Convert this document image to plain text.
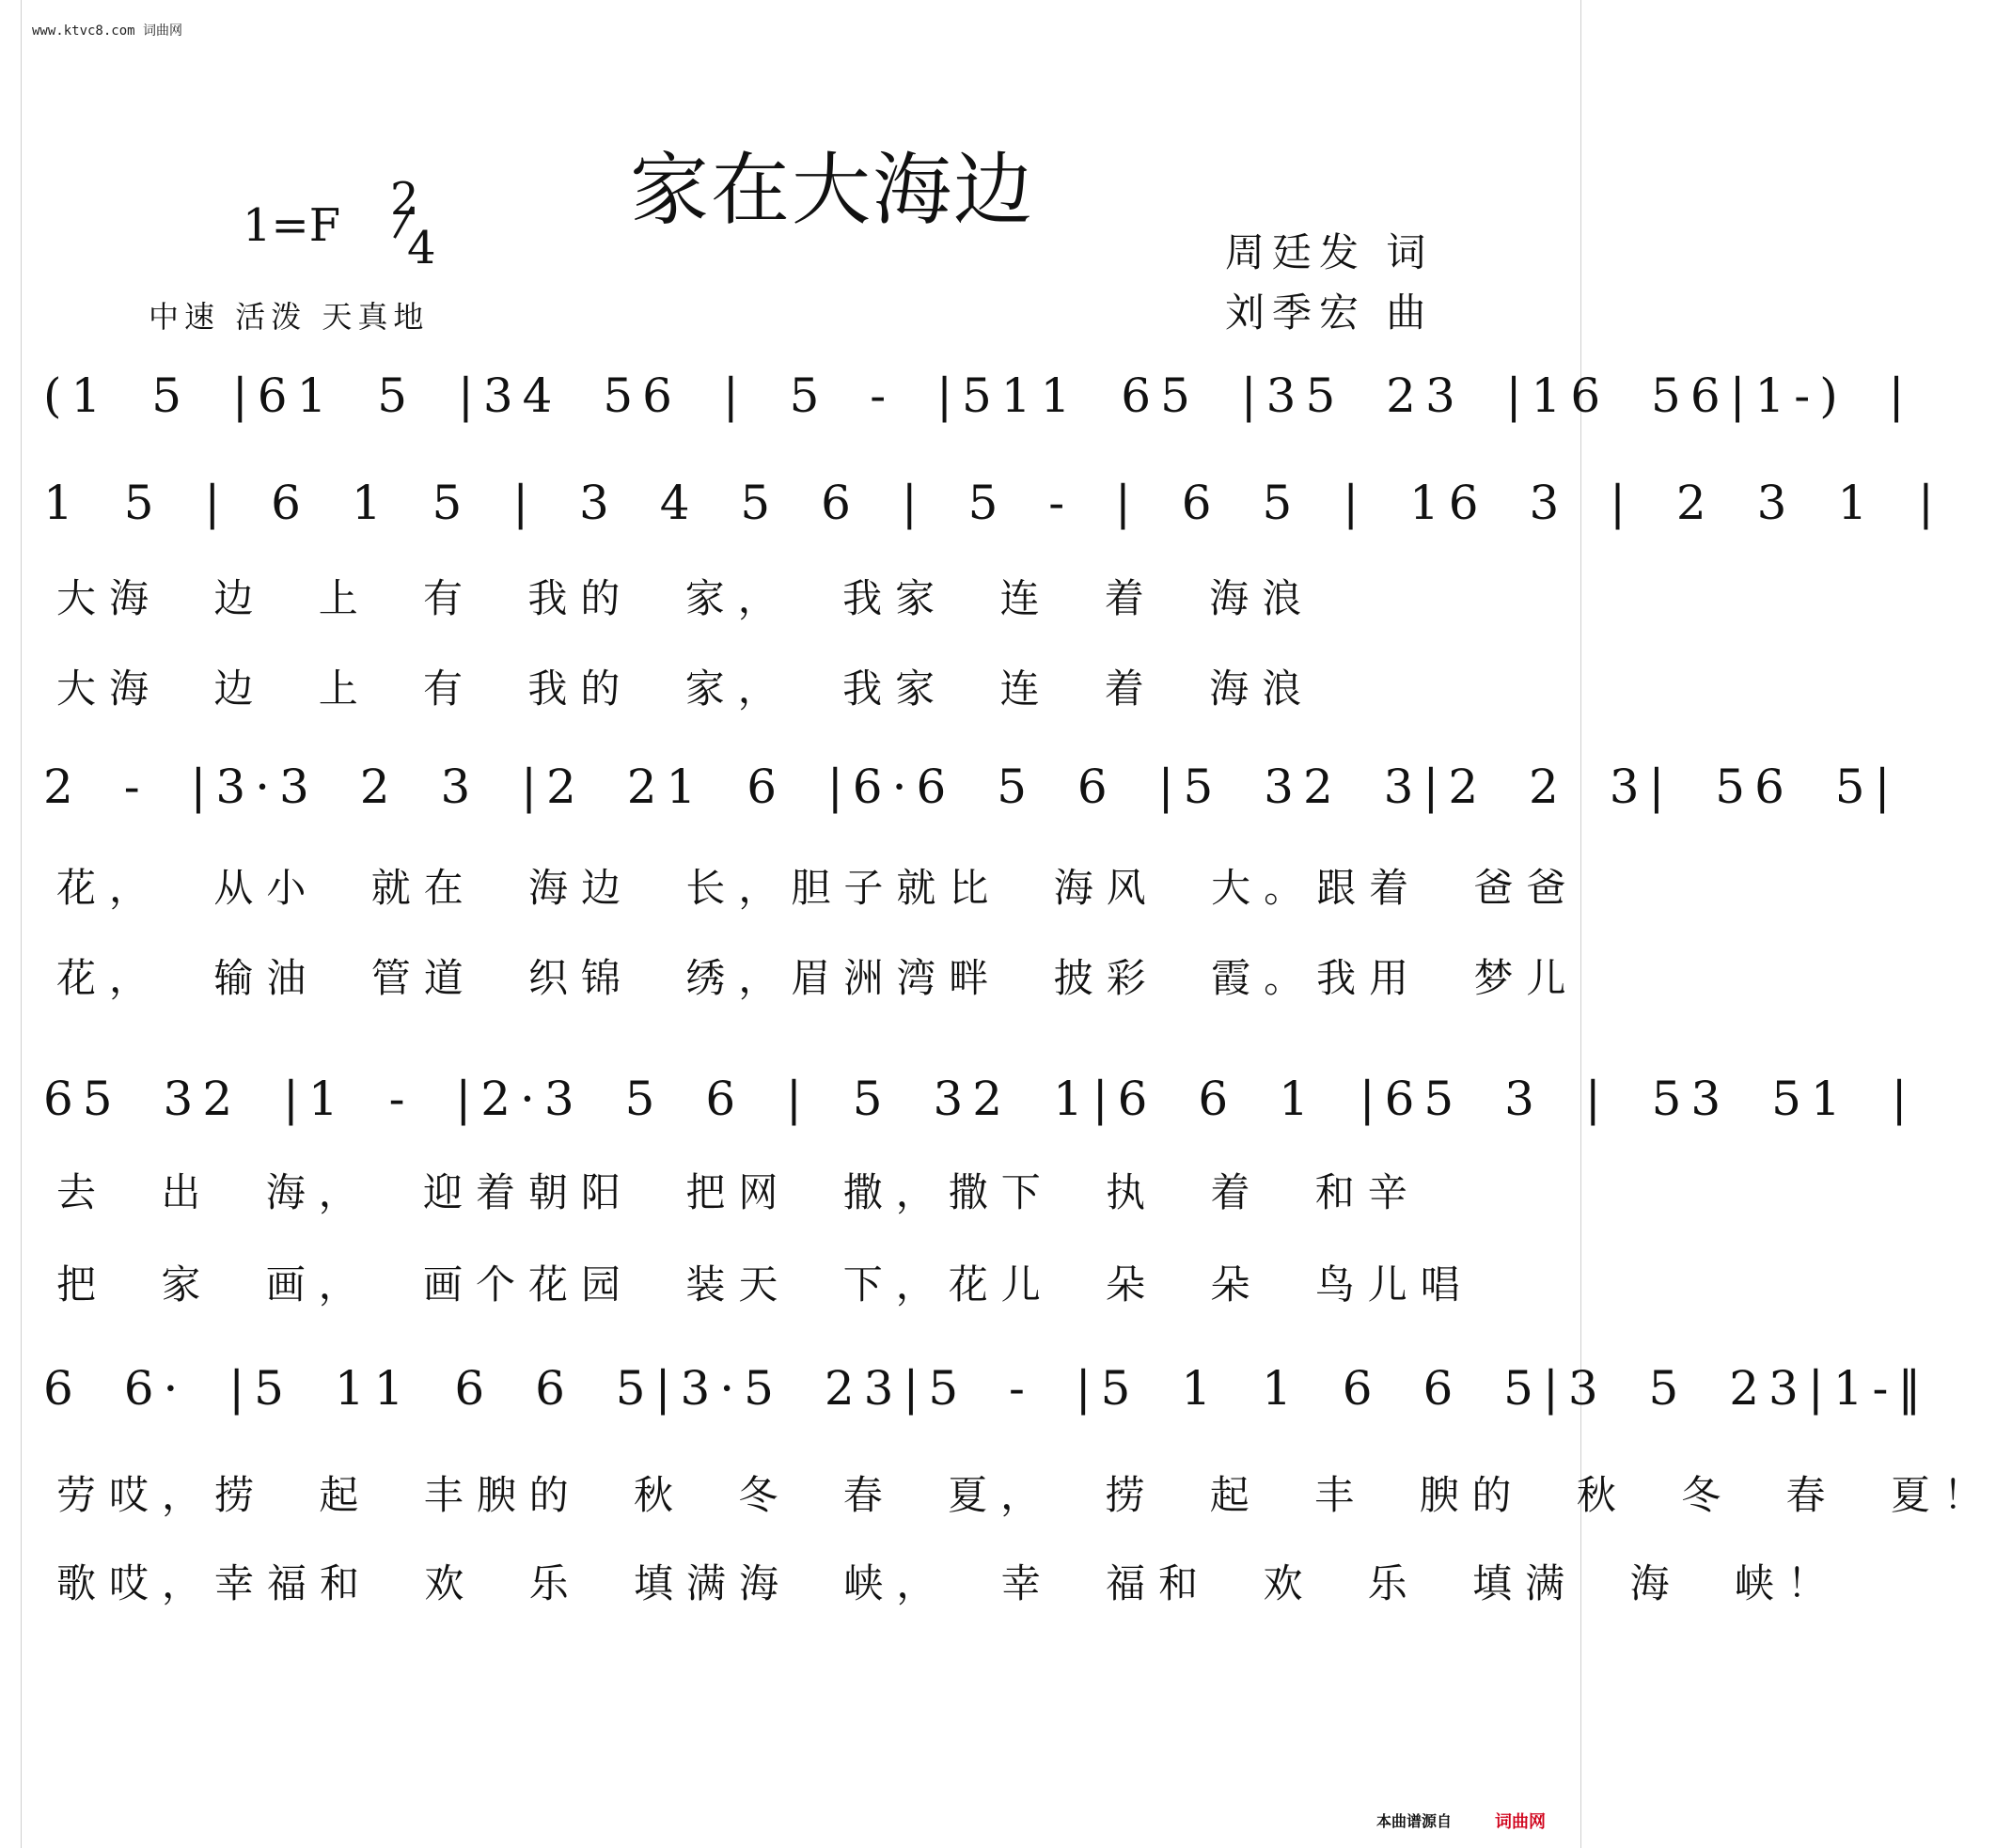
www.ktvc8.com 词曲网
家在大海边
1=F 2
4
中速 活泼 天真地
周廷发 词
刘季宏 曲
(1 5 |61 5 |34 56 | 5 - |511 65 |35 23 |16 56|1-) |
1 5 | 6 1 5 | 3 4 5 6 | 5 - | 6 5 | 16 3 | 2 3 1 |
大海 边 上 有 我的 家， 我家 连 着 海浪
大海 边 上 有 我的 家， 我家 连 着 海浪
2 - |3·3 2 3 |2 21 6 |6·6 5 6 |5 32 3|2 2 3| 56 5|
花， 从小 就在 海边 长，胆子就比 海风 大。跟着 爸爸
花， 输油 管道 织锦 绣，眉洲湾畔 披彩 霞。我用 梦儿
65 32 |1 - |2·3 5 6 | 5 32 1|6 6 1 |65 3 | 53 51 |
去 出 海， 迎着朝阳 把网 撒，撒下 执 着 和辛
把 家 画， 画个花园 装天 下，花儿 朵 朵 鸟儿唱
6 6· |5 11 6 6 5|3·5 23|5 - |5 1 1 6 6 5|3 5 23|1-‖
劳哎，捞 起 丰腴的 秋 冬 春 夏， 捞 起 丰 腴的 秋 冬 春 夏！
歌哎，幸福和 欢 乐 填满海 峡， 幸 福和 欢 乐 填满 海 峡！
本曲谱源自	词曲网
